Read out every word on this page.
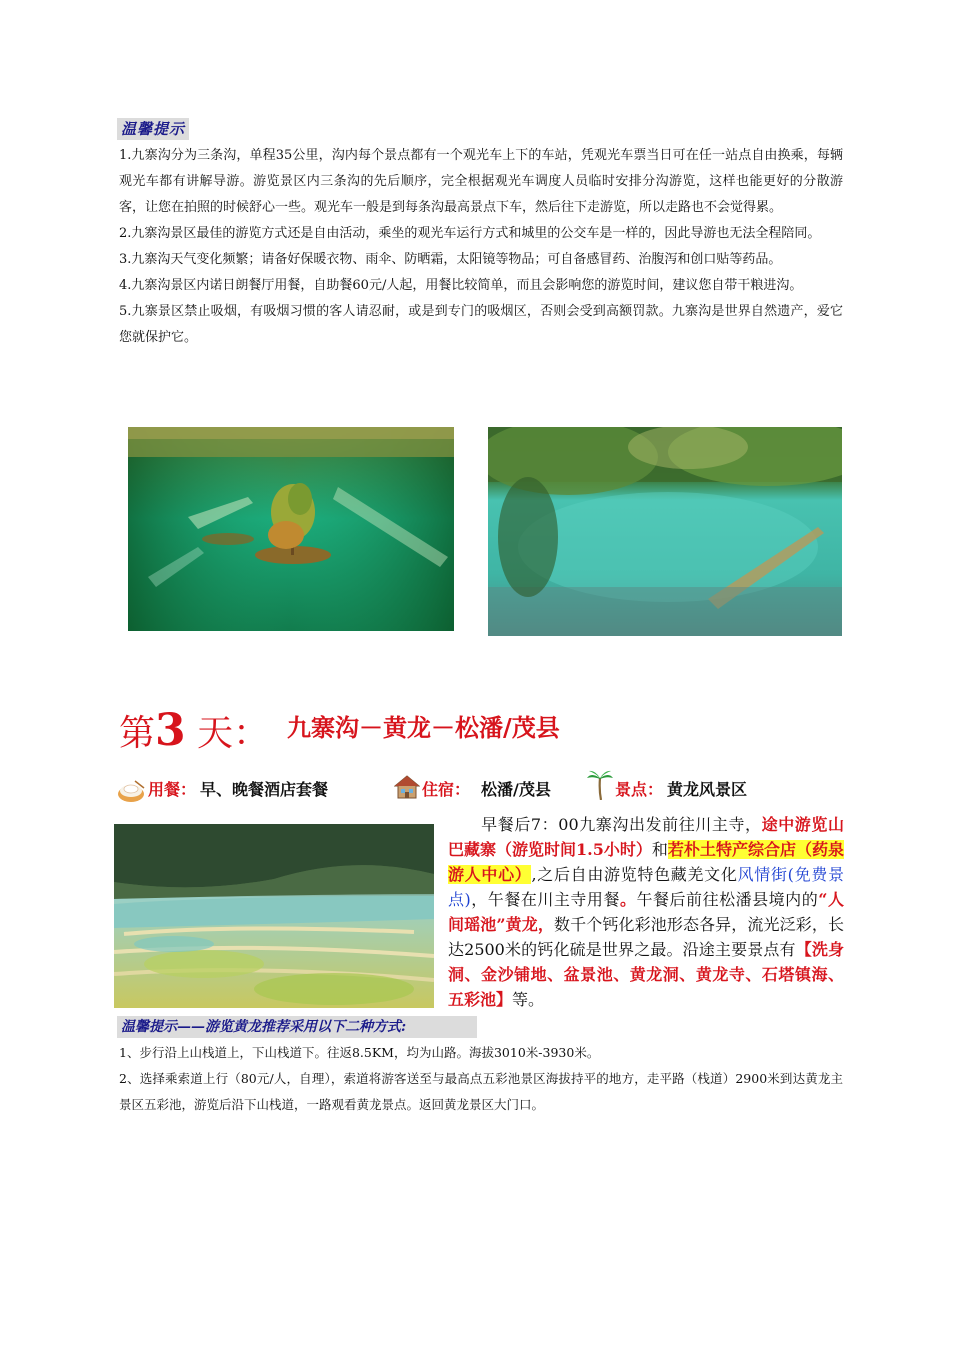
温馨提示

1.九寨沟分为三条沟，单程35公里，沟内每个景点都有一个观光车上下的车站，凭观光车票当日可在任一站点自由换乘，每辆观光车都有讲解导游。游览景区内三条沟的先后顺序，完全根据观光车调度人员临时安排分沟游览，这样也能更好的分散游客，让您在拍照的时候舒心一些。观光车一般是到每条沟最高景点下车，然后往下走游览，所以走路也不会觉得累。

2.九寨沟景区最佳的游览方式还是自由活动，乘坐的观光车运行方式和城里的公交车是一样的，因此导游也无法全程陪同。

3.九寨沟天气变化频繁；请备好保暖衣物、雨伞、防晒霜，太阳镜等物品；可自备感冒药、治腹泻和创口贴等药品。

4.九寨沟景区内诺日朗餐厅用餐，自助餐60元/人起，用餐比较简单，而且会影响您的游览时间，建议您自带干粮进沟。

5.九寨景区禁止吸烟，有吸烟习惯的客人请忍耐，或是到专门的吸烟区，否则会受到高额罚款。九寨沟是世界自然遗产，爱它您就保护它。

第3 天： 九寨沟－黄龙－松潘/茂县
用餐： 早、晚餐酒店套餐	住宿： 松潘/茂县	景点： 黄龙风景区
　　早餐后7：00九寨沟出发前往川主寺，途中游览山巴藏寨（游览时间1.5小时）和若朴土特产综合店（药泉游人中心）,之后自由游览特色藏羌文化风情街(免费景点)，午餐在川主寺用餐。午餐后前往松潘县境内的“人间瑶池”黄龙，数千个钙化彩池形态各异，流光泛彩，长达2500米的钙化硫是世界之最。沿途主要景点有【洗身洞、金沙铺地、盆景池、黄龙洞、黄龙寺、石塔镇海、五彩池】等。
温馨提示——游览黄龙推荐采用以下二种方式:

1、步行沿上山栈道上，下山栈道下。往返8.5KM，均为山路。海拔3010米-3930米。

2、选择乘索道上行（80元/人，自理），索道将游客送至与最高点五彩池景区海拔持平的地方，走平路（栈道）2900米到达黄龙主景区五彩池，游览后沿下山栈道，一路观看黄龙景点。返回黄龙景区大门口。
